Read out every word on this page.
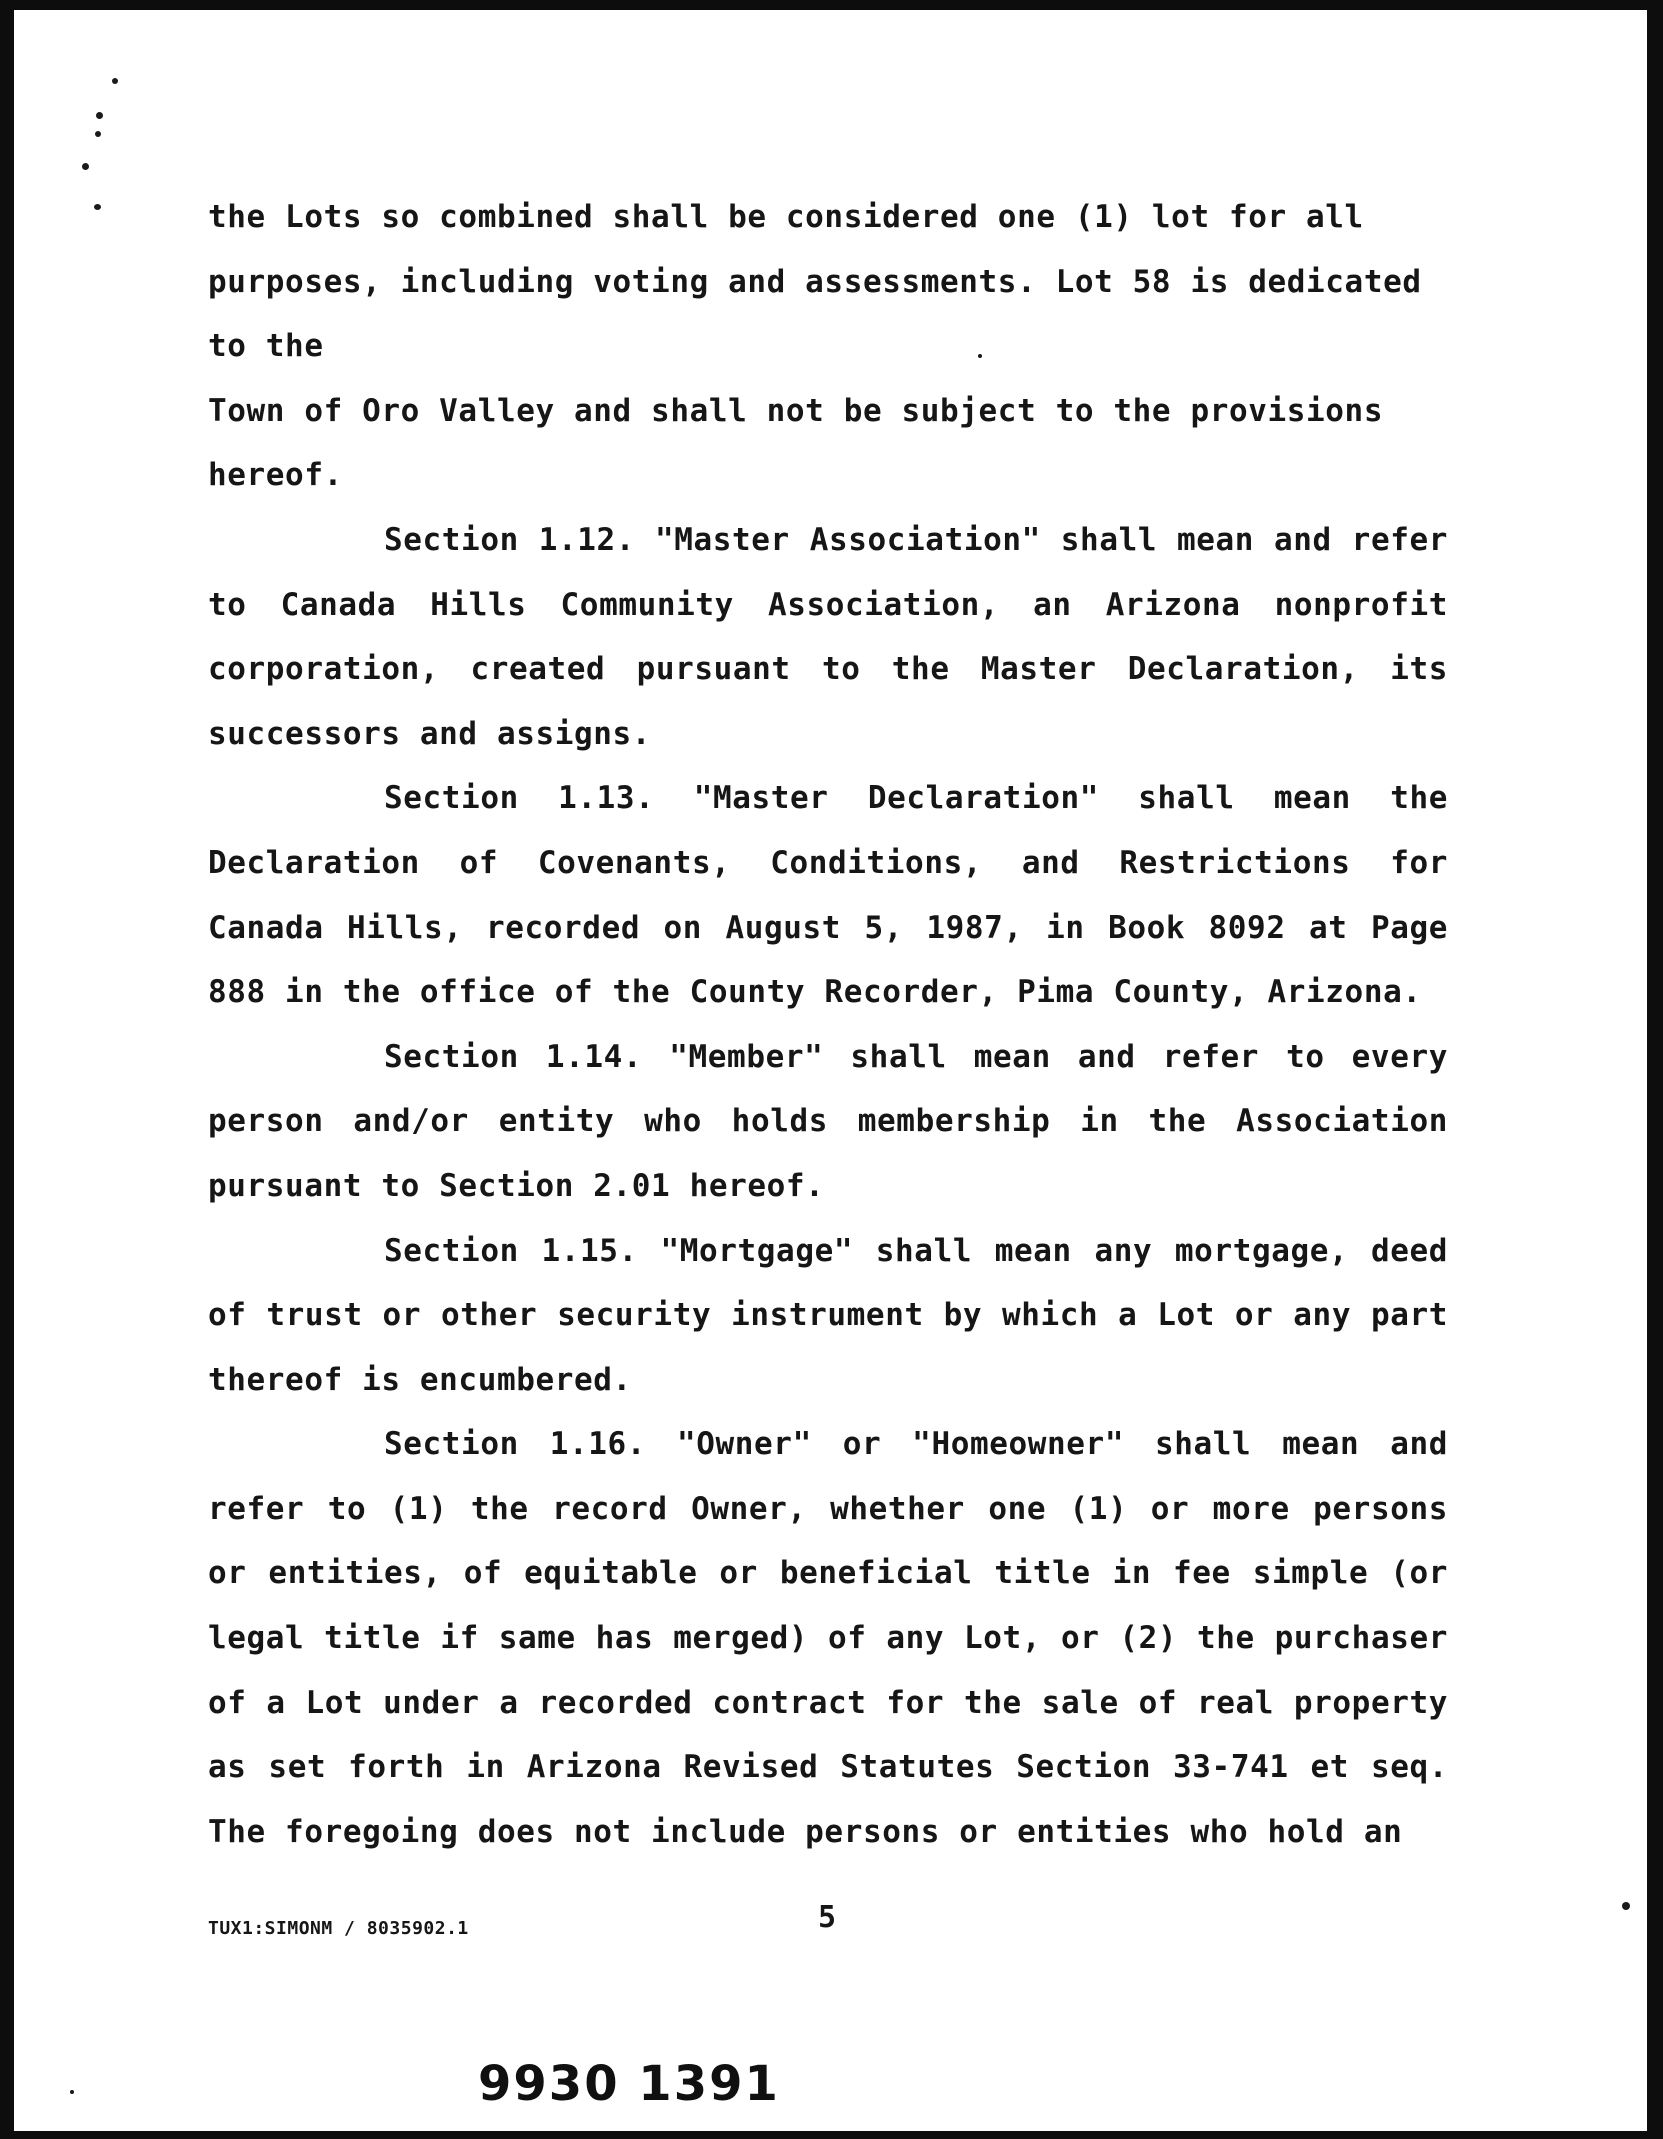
the Lots so combined shall be considered one (1) lot for all
purposes, including voting and assessments. Lot 58 is dedicated
to the
Town of Oro Valley and shall not be subject to the provisions
hereof.

Section 1.12. "Master Association" shall mean and refer to Canada Hills Community Association, an Arizona nonprofit corporation, created pursuant to the Master Declaration, its successors and assigns.

Section 1.13. "Master Declaration" shall mean the Declaration of Covenants, Conditions, and Restrictions for Canada Hills, recorded on August 5, 1987, in Book 8092 at Page 888 in the office of the County Recorder, Pima County, Arizona.

Section 1.14. "Member" shall mean and refer to every person and/or entity who holds membership in the Association pursuant to Section 2.01 hereof.

Section 1.15. "Mortgage" shall mean any mortgage, deed of trust or other security instrument by which a Lot or any part thereof is encumbered.

Section 1.16. "Owner" or "Homeowner" shall mean and refer to (1) the record Owner, whether one (1) or more persons or entities, of equitable or beneficial title in fee simple (or legal title if same has merged) of any Lot, or (2) the purchaser of a Lot under a recorded contract for the sale of real property as set forth in Arizona Revised Statutes Section 33-741 et seq. The foregoing does not include persons or entities who hold an

TUX1:SIMONM / 8035902.1	5
9930 1391
